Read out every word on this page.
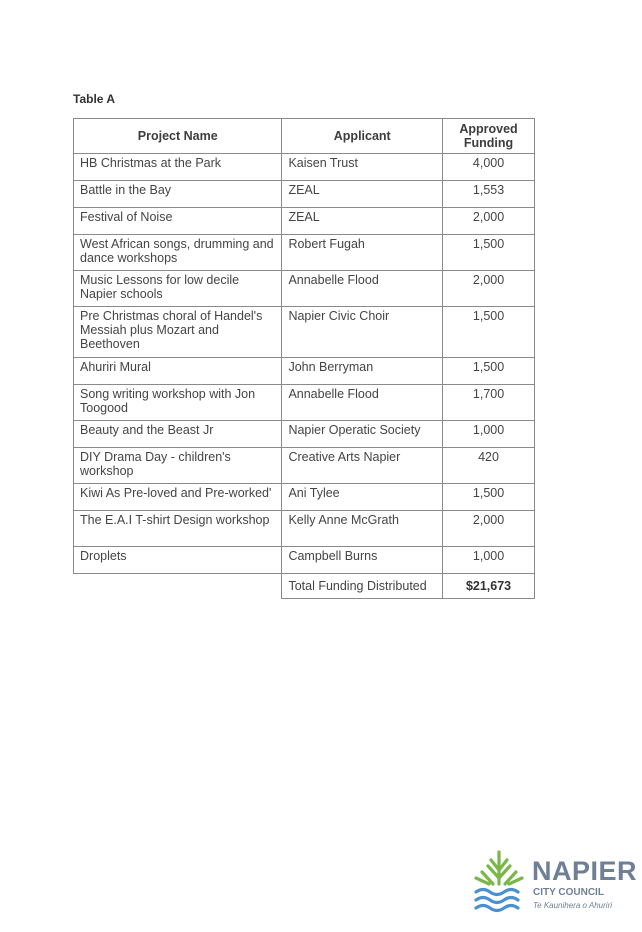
Table A
Project Name	Applicant	Approved Funding
HB Christmas at the Park	Kaisen Trust	4,000
Battle in the Bay	ZEAL	1,553
Festival of Noise	ZEAL	2,000
West African songs, drumming and dance workshops	Robert Fugah	1,500
Music Lessons for low decile Napier schools	Annabelle Flood	2,000
Pre Christmas choral of Handel's Messiah plus Mozart and Beethoven	Napier Civic Choir	1,500
Ahuriri Mural	John Berryman	1,500
Song writing workshop with Jon Toogood	Annabelle Flood	1,700
Beauty and the Beast Jr	Napier Operatic Society	1,000
DIY Drama Day - children's workshop	Creative Arts Napier	420
Kiwi As Pre-loved and Pre-worked'	Ani Tylee	1,500
The E.A.I T-shirt Design workshop	Kelly Anne McGrath	2,000
Droplets	Campbell Burns	1,000
	Total Funding Distributed	$21,673
NAPIER
CITY COUNCIL
Te Kaunihera o Ahuriri
